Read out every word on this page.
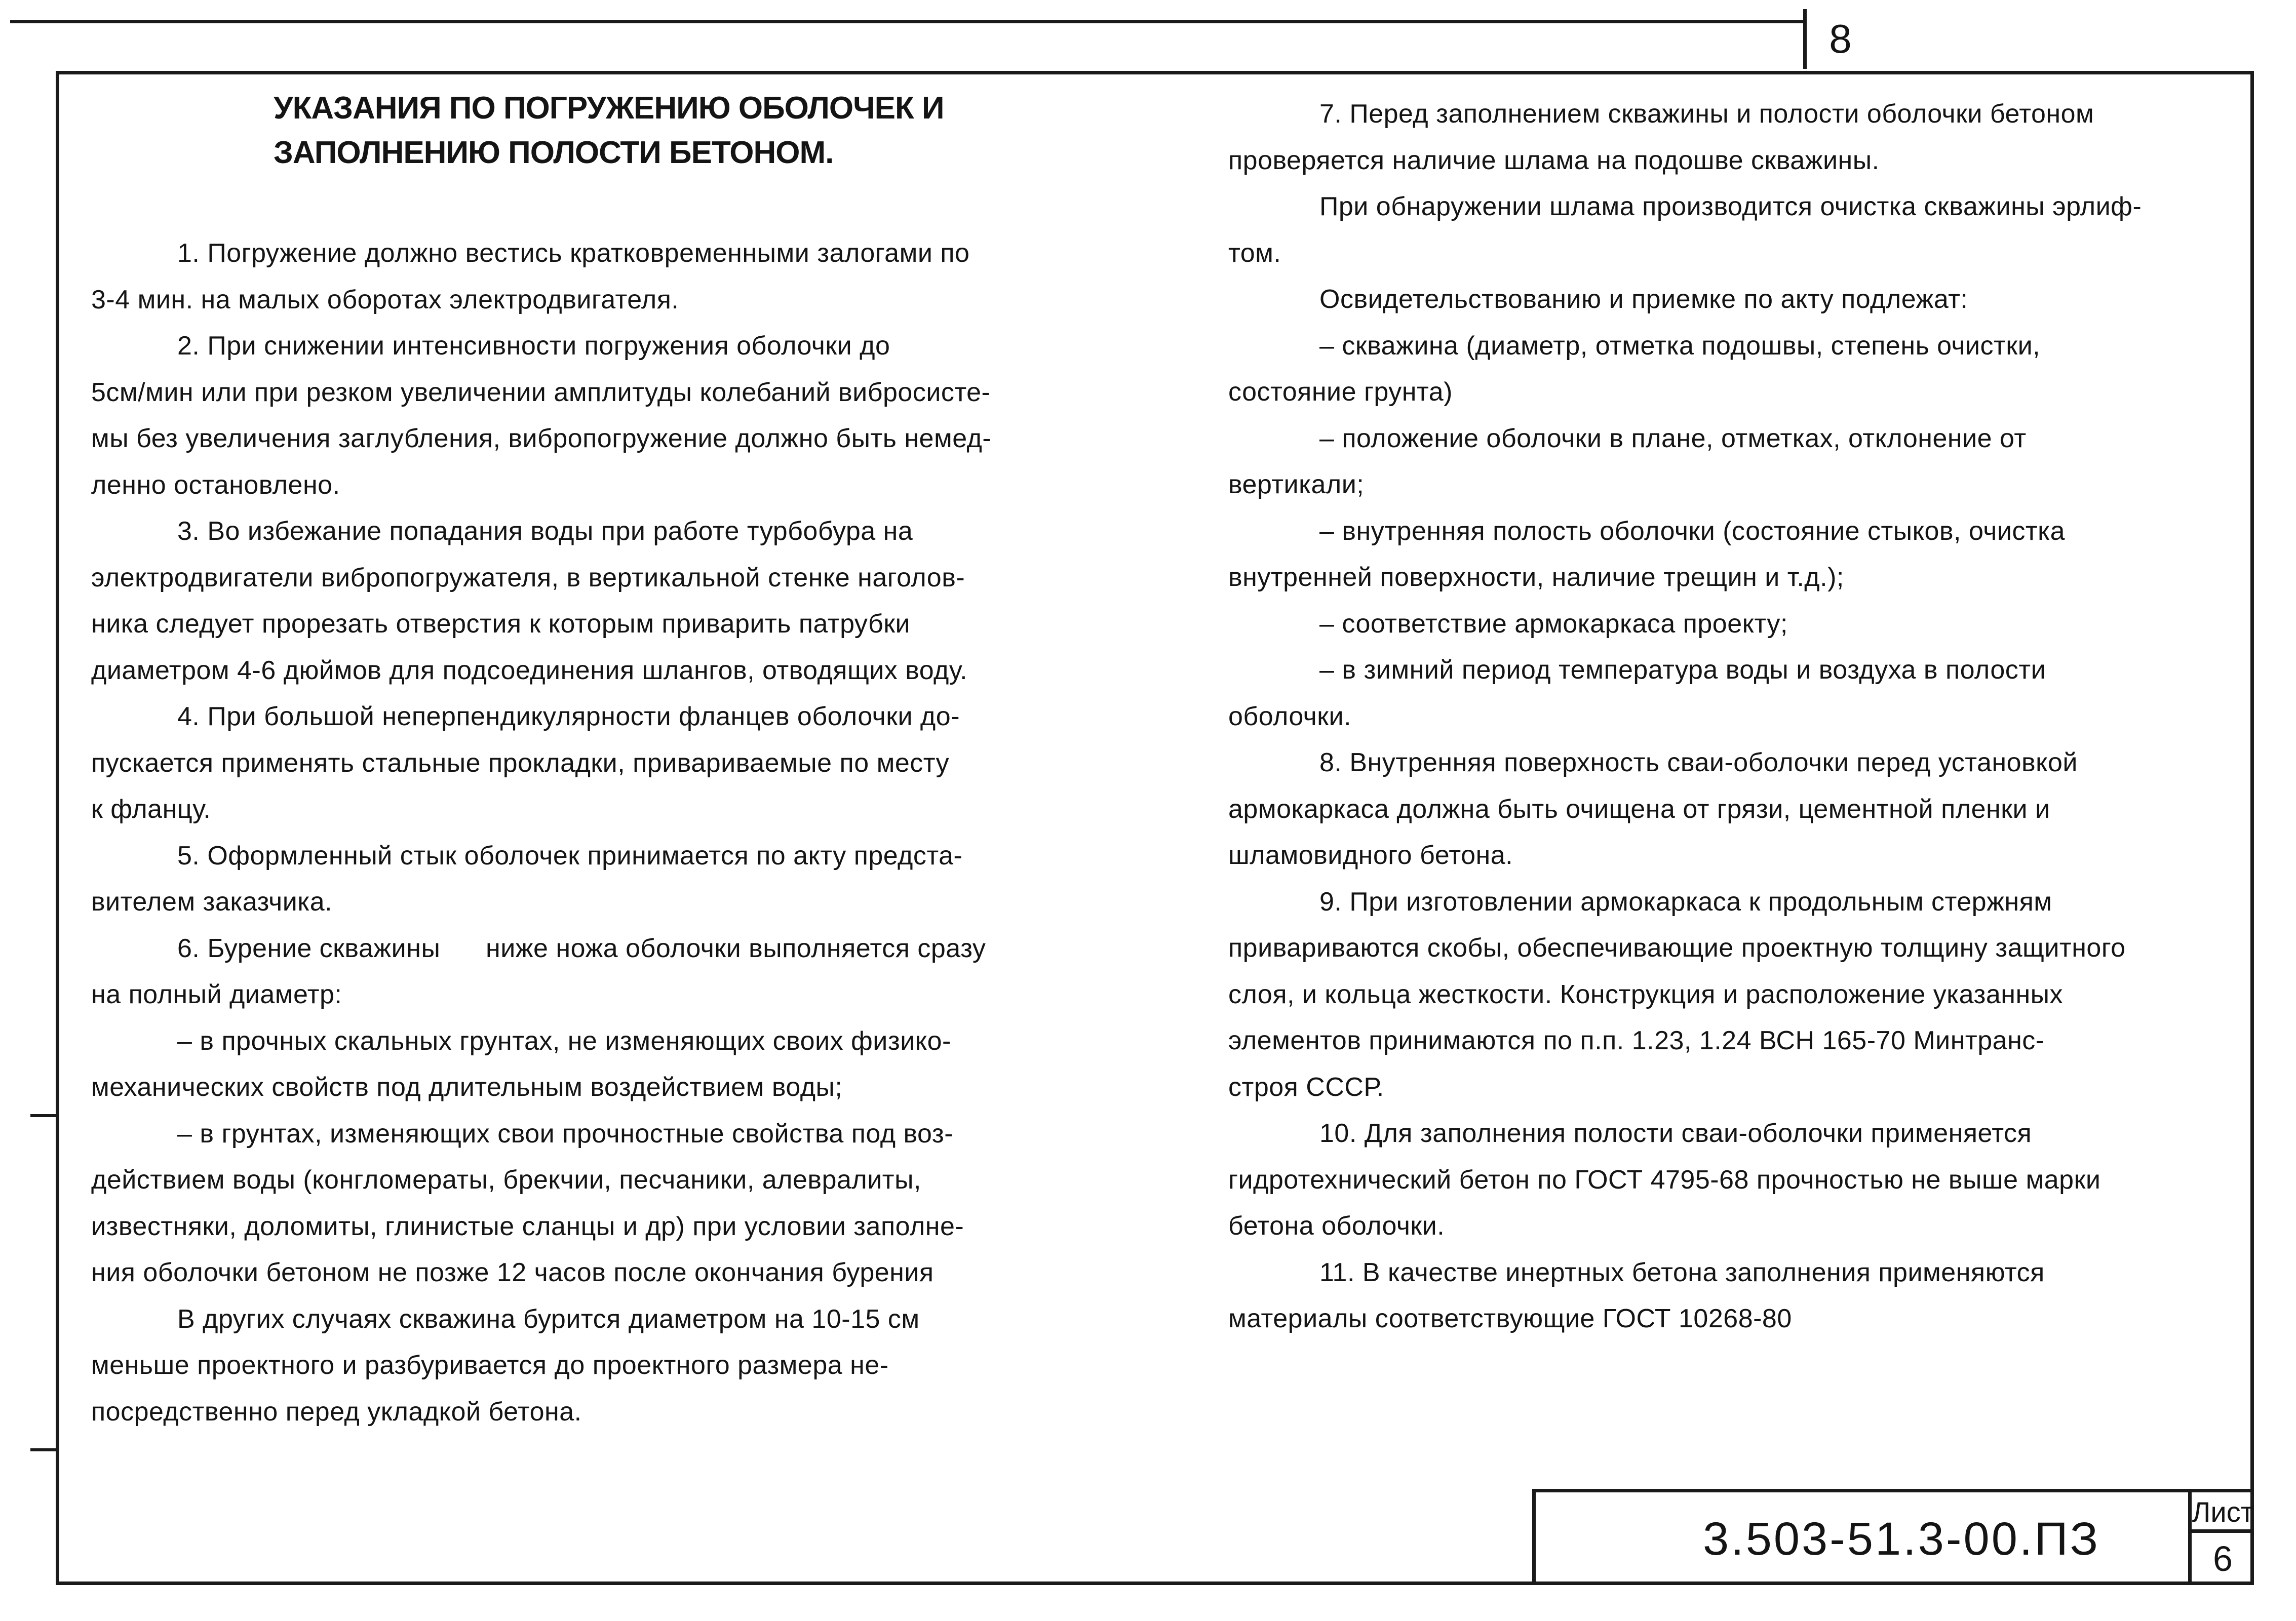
8
УКАЗАНИЯ ПО ПОГРУЖЕНИЮ ОБОЛОЧЕК И
ЗАПОЛНЕНИЮ ПОЛОСТИ БЕТОНОМ.

1. Погружение должно вестись кратковременными залогами по

3-4 мин. на малых оборотах электродвигателя.

2. При снижении интенсивности погружения оболочки до

5см/мин или при резком увеличении амплитуды колебаний вибросисте-

мы без увеличения заглубления, вибропогружение должно быть немед-

ленно остановлено.

3. Во избежание попадания воды при работе турбобура на

электродвигатели вибропогружателя, в вертикальной стенке наголов-

ника следует прорезать отверстия к которым приварить патрубки

диаметром 4-6 дюймов для подсоединения шлангов, отводящих воду.

4. При большой неперпендикулярности фланцев оболочки до-

пускается применять стальные прокладки, привариваемые по месту

к фланцу.

5. Оформленный стык оболочек принимается по акту предста-

вителем заказчика.

6. Бурение скважины      ниже ножа оболочки выполняется сразу

на полный диаметр:

– в прочных скальных грунтах, не изменяющих своих физико-

механических свойств под длительным воздействием воды;

– в грунтах, изменяющих свои прочностные свойства под воз-

действием воды (конгломераты, брекчии, песчаники, алевралиты,

известняки, доломиты, глинистые сланцы и др) при условии заполне-

ния оболочки бетоном не позже 12 часов после окончания бурения

В других случаях скважина бурится диаметром на 10-15 см

меньше проектного и разбуривается до проектного размера не-

посредственно перед укладкой бетона.

7. Перед заполнением скважины и полости оболочки бетоном

проверяется наличие шлама на подошве скважины.

При обнаружении шлама производится очистка скважины эрлиф-

том.

Освидетельствованию и приемке по акту подлежат:

– скважина (диаметр, отметка подошвы, степень очистки,

состояние грунта)

– положение оболочки в плане, отметках, отклонение от

вертикали;

– внутренняя полость оболочки (состояние стыков, очистка

внутренней поверхности, наличие трещин и т.д.);

– соответствие армокаркаса проекту;

– в зимний период температура воды и воздуха в полости

оболочки.

8. Внутренняя поверхность сваи-оболочки перед установкой

армокаркаса должна быть очищена от грязи, цементной пленки и

шламовидного бетона.

9. При изготовлении армокаркаса к продольным стержням

привариваются скобы, обеспечивающие проектную толщину защитного

слоя, и кольца жесткости. Конструкция и расположение указанных

элементов принимаются по п.п. 1.23, 1.24 ВСН 165-70 Минтранс-

строя СССР.

10. Для заполнения полости сваи-оболочки применяется

гидротехнический бетон по ГОСТ 4795-68 прочностью не выше марки

бетона оболочки.

11. В качестве инертных бетона заполнения применяются

материалы соответствующие ГОСТ 10268-80

3.503-51.3-00.ПЗ
Лист
6
